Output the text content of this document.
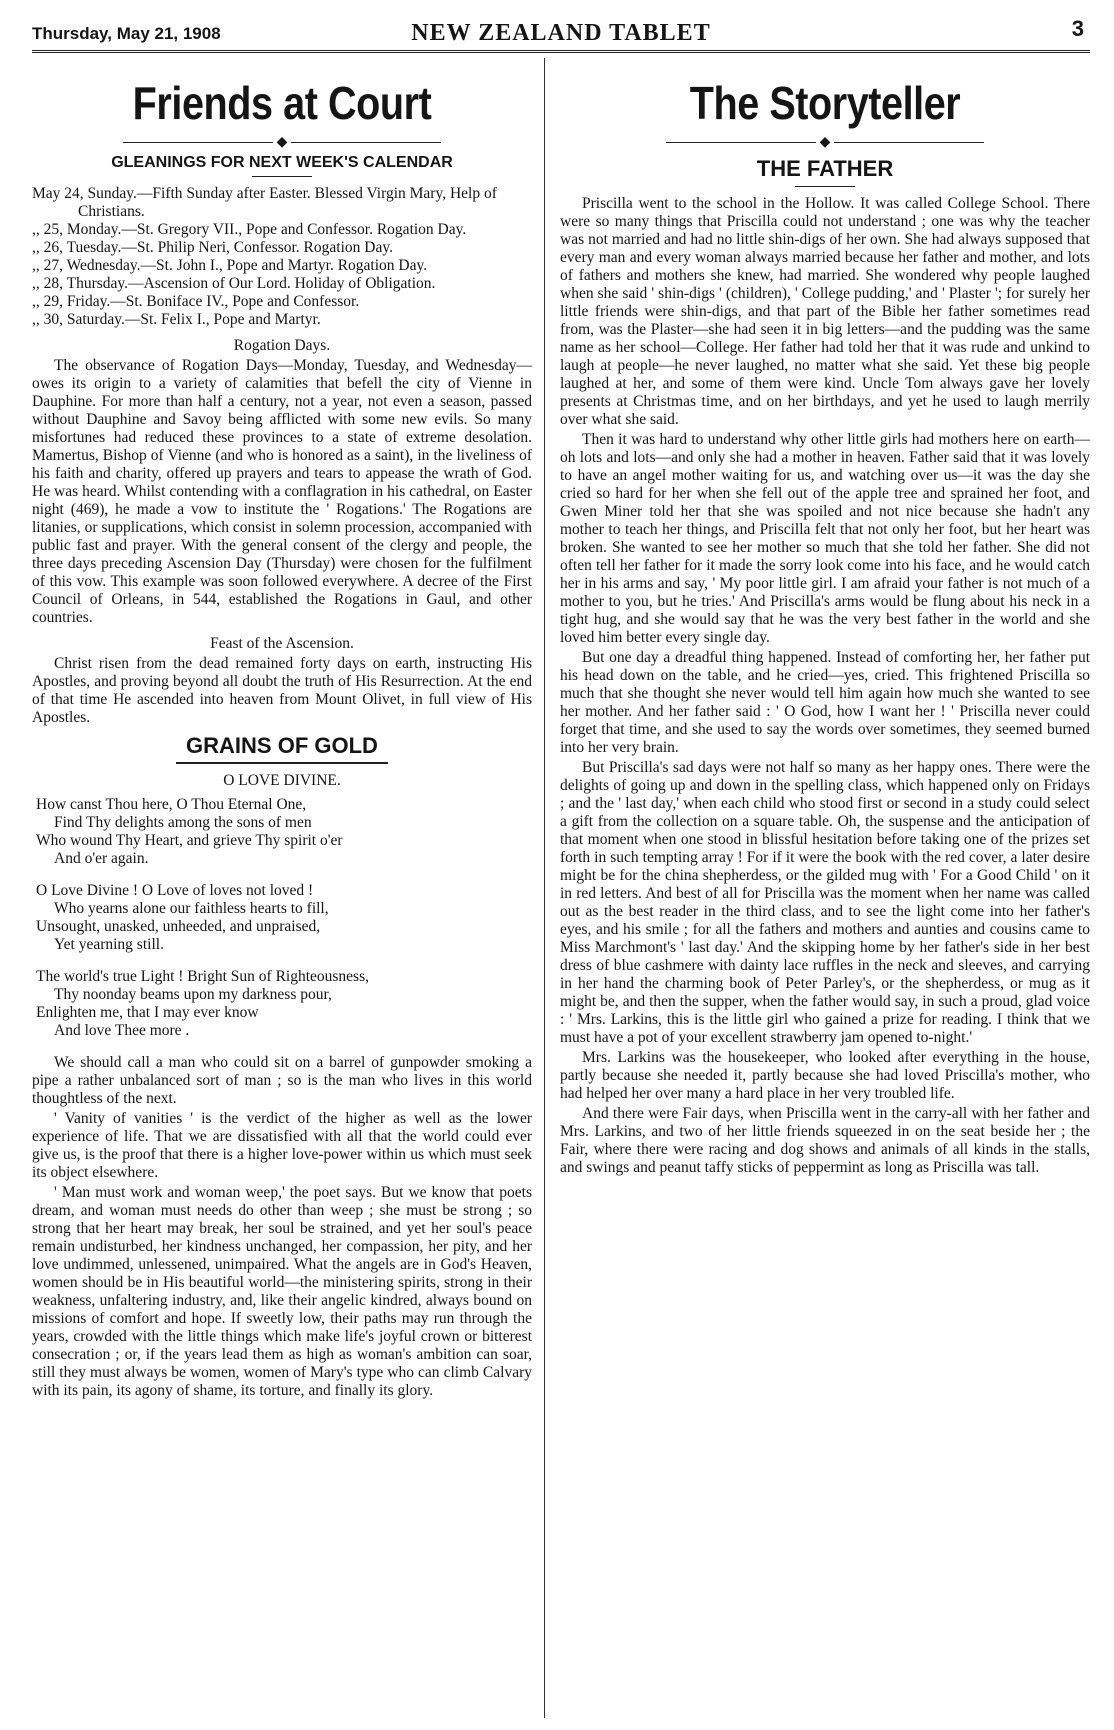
Thursday, May 21, 1908	NEW ZEALAND TABLET	3
Friends at Court
◆
GLEANINGS FOR NEXT WEEK'S CALENDAR
May 24, Sunday.—Fifth Sunday after Easter. Blessed Virgin Mary, Help of Christians.
,, 25, Monday.—St. Gregory VII., Pope and Confessor. Rogation Day.
,, 26, Tuesday.—St. Philip Neri, Confessor. Rogation Day.
,, 27, Wednesday.—St. John I., Pope and Martyr. Rogation Day.
,, 28, Thursday.—Ascension of Our Lord. Holiday of Obligation.
,, 29, Friday.—St. Boniface IV., Pope and Confessor.
,, 30, Saturday.—St. Felix I., Pope and Martyr.

Rogation Days.

The observance of Rogation Days—Monday, Tuesday, and Wednesday—owes its origin to a variety of calamities that befell the city of Vienne in Dauphine. For more than half a century, not a year, not even a season, passed without Dauphine and Savoy being afflicted with some new evils. So many misfortunes had reduced these provinces to a state of extreme desolation. Mamertus, Bishop of Vienne (and who is honored as a saint), in the liveliness of his faith and charity, offered up prayers and tears to appease the wrath of God. He was heard. Whilst contending with a conflagration in his cathedral, on Easter night (469), he made a vow to institute the ' Rogations.' The Rogations are litanies, or supplications, which consist in solemn procession, accompanied with public fast and prayer. With the general consent of the clergy and people, the three days preceding Ascension Day (Thursday) were chosen for the fulfilment of this vow. This example was soon followed everywhere. A decree of the First Council of Orleans, in 544, established the Rogations in Gaul, and other countries.

Feast of the Ascension.

Christ risen from the dead remained forty days on earth, instructing His Apostles, and proving beyond all doubt the truth of His Resurrection. At the end of that time He ascended into heaven from Mount Olivet, in full view of His Apostles.

GRAINS OF GOLD

O LOVE DIVINE.

How canst Thou here, O Thou Eternal One,
Find Thy delights among the sons of men
Who wound Thy Heart, and grieve Thy spirit o'er
And o'er again.
O Love Divine ! O Love of loves not loved !
Who yearns alone our faithless hearts to fill,
Unsought, unasked, unheeded, and unpraised,
Yet yearning still.
The world's true Light ! Bright Sun of Righteousness,
Thy noonday beams upon my darkness pour,
Enlighten me, that I may ever know
And love Thee more .

We should call a man who could sit on a barrel of gunpowder smoking a pipe a rather unbalanced sort of man ; so is the man who lives in this world thoughtless of the next.

' Vanity of vanities ' is the verdict of the higher as well as the lower experience of life. That we are dissatisfied with all that the world could ever give us, is the proof that there is a higher love-power within us which must seek its object elsewhere.

' Man must work and woman weep,' the poet says. But we know that poets dream, and woman must needs do other than weep ; she must be strong ; so strong that her heart may break, her soul be strained, and yet her soul's peace remain undisturbed, her kindness unchanged, her compassion, her pity, and her love undimmed, unlessened, unimpaired. What the angels are in God's Heaven, women should be in His beautiful world—the ministering spirits, strong in their weakness, unfaltering industry, and, like their angelic kindred, always bound on missions of comfort and hope. If sweetly low, their paths may run through the years, crowded with the little things which make life's joyful crown or bitterest consecration ; or, if the years lead them as high as woman's ambition can soar, still they must always be women, women of Mary's type who can climb Calvary with its pain, its agony of shame, its torture, and finally its glory.

The Storyteller
◆
THE FATHER

Priscilla went to the school in the Hollow. It was called College School. There were so many things that Priscilla could not understand ; one was why the teacher was not married and had no little shin-digs of her own. She had always supposed that every man and every woman always married because her father and mother, and lots of fathers and mothers she knew, had married. She wondered why people laughed when she said ' shin-digs ' (children), ' College pudding,' and ' Plaster '; for surely her little friends were shin-digs, and that part of the Bible her father sometimes read from, was the Plaster—she had seen it in big letters—and the pudding was the same name as her school—College. Her father had told her that it was rude and unkind to laugh at people—he never laughed, no matter what she said. Yet these big people laughed at her, and some of them were kind. Uncle Tom always gave her lovely presents at Christmas time, and on her birthdays, and yet he used to laugh merrily over what she said.

Then it was hard to understand why other little girls had mothers here on earth—oh lots and lots—and only she had a mother in heaven. Father said that it was lovely to have an angel mother waiting for us, and watching over us—it was the day she cried so hard for her when she fell out of the apple tree and sprained her foot, and Gwen Miner told her that she was spoiled and not nice because she hadn't any mother to teach her things, and Priscilla felt that not only her foot, but her heart was broken. She wanted to see her mother so much that she told her father. She did not often tell her father for it made the sorry look come into his face, and he would catch her in his arms and say, ' My poor little girl. I am afraid your father is not much of a mother to you, but he tries.' And Priscilla's arms would be flung about his neck in a tight hug, and she would say that he was the very best father in the world and she loved him better every single day.

But one day a dreadful thing happened. Instead of comforting her, her father put his head down on the table, and he cried—yes, cried. This frightened Priscilla so much that she thought she never would tell him again how much she wanted to see her mother. And her father said : ' O God, how I want her ! ' Priscilla never could forget that time, and she used to say the words over sometimes, they seemed burned into her very brain.

But Priscilla's sad days were not half so many as her happy ones. There were the delights of going up and down in the spelling class, which happened only on Fridays ; and the ' last day,' when each child who stood first or second in a study could select a gift from the collection on a square table. Oh, the suspense and the anticipation of that moment when one stood in blissful hesitation before taking one of the prizes set forth in such tempting array ! For if it were the book with the red cover, a later desire might be for the china shepherdess, or the gilded mug with ' For a Good Child ' on it in red letters. And best of all for Priscilla was the moment when her name was called out as the best reader in the third class, and to see the light come into her father's eyes, and his smile ; for all the fathers and mothers and aunties and cousins came to Miss Marchmont's ' last day.' And the skipping home by her father's side in her best dress of blue cashmere with dainty lace ruffles in the neck and sleeves, and carrying in her hand the charming book of Peter Parley's, or the shepherdess, or mug as it might be, and then the supper, when the father would say, in such a proud, glad voice : ' Mrs. Larkins, this is the little girl who gained a prize for reading. I think that we must have a pot of your excellent strawberry jam opened to-night.'

Mrs. Larkins was the housekeeper, who looked after everything in the house, partly because she needed it, partly because she had loved Priscilla's mother, who had helped her over many a hard place in her very troubled life.

And there were Fair days, when Priscilla went in the carry-all with her father and Mrs. Larkins, and two of her little friends squeezed in on the seat beside her ; the Fair, where there were racing and dog shows and animals of all kinds in the stalls, and swings and peanut taffy sticks of peppermint as long as Priscilla was tall.
